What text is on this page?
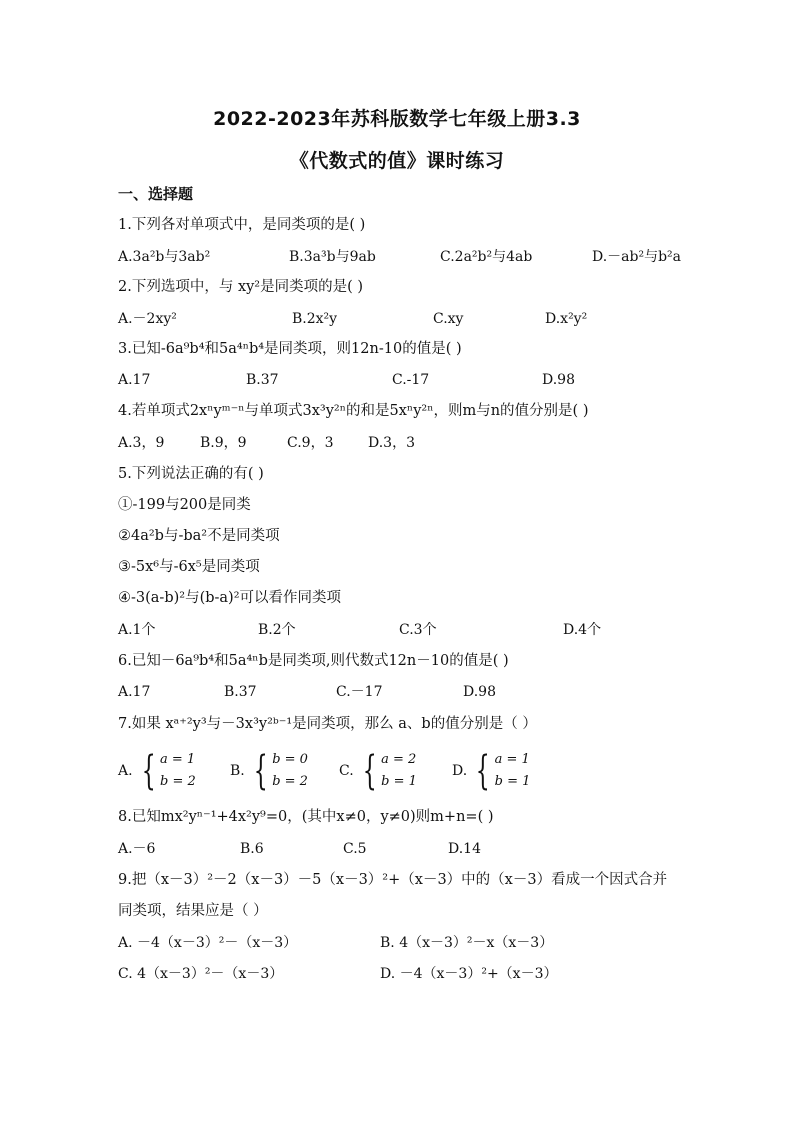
2022-2023年苏科版数学七年级上册3.3
《代数式的值》课时练习
一、选择题
1.下列各对单项式中，是同类项的是( )
A.3a²b与3ab²	B.3a³b与9ab	C.2a²b²与4ab	D.－ab²与b²a
2.下列选项中，与 xy²是同类项的是( )
A.－2xy²	B.2x²y	C.xy	D.x²y²
3.已知-6a⁹b⁴和5a⁴ⁿb⁴是同类项，则12n-10的值是( )
A.17	B.37	C.-17	D.98
4.若单项式2xⁿyᵐ⁻ⁿ与单项式3x³y²ⁿ的和是5xⁿy²ⁿ，则m与n的值分别是( )
A.3，9	B.9，9	C.9，3 D.3，3
5.下列说法正确的有( )
①-199与200是同类
②4a²b与-ba²不是同类项
③-5x⁶与-6x⁵是同类项
④-3(a-b)²与(b-a)²可以看作同类项
A.1个	B.2个	C.3个	D.4个
6.已知－6a⁹b⁴和5a⁴ⁿb是同类项,则代数式12n－10的值是( )
A.17	B.37	C.－17	D.98
7.如果 xᵃ⁺²y³与－3x³y²ᵇ⁻¹是同类项，那么 a、b的值分别是（ ）
A. { a = 1
b = 2
B. { b = 0
b = 2
C. { a = 2
b = 1
D. { a = 1
b = 1
8.已知mx²yⁿ⁻¹+4x²y⁹=0，(其中x≠0，y≠0)则m+n=( )
A.－6	B.6	C.5	D.14
9.把（x－3）²－2（x－3）－5（x－3）²+（x－3）中的（x－3）看成一个因式合并
同类项，结果应是（ ）
A. －4（x－3）²－（x－3）	B. 4（x－3）²－x（x－3）
C. 4（x－3）²－（x－3）	D. －4（x－3）²+（x－3）
